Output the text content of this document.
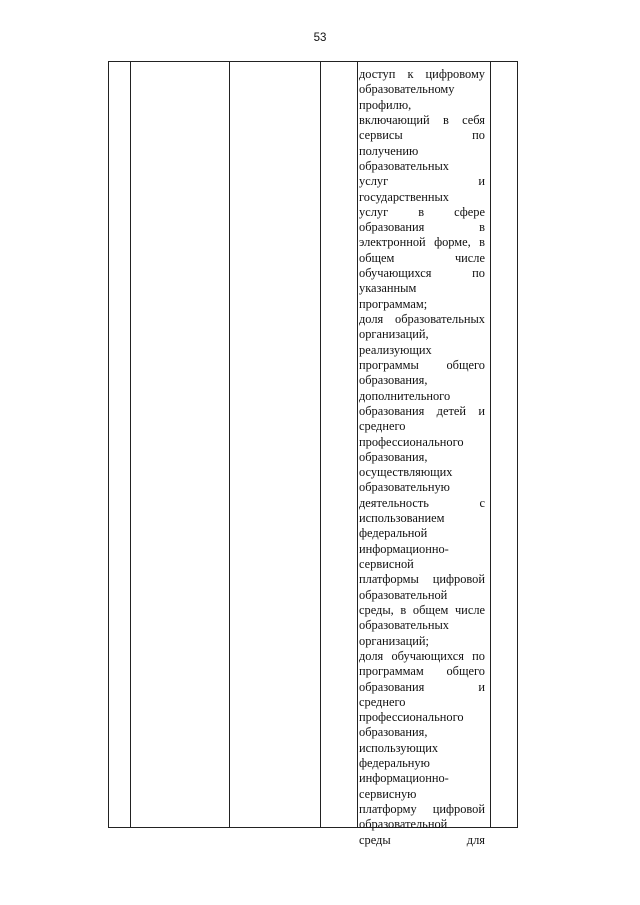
53
доступ к цифровому
образовательному
профилю,
включающий в себя
сервисы по
получению
образовательных
услуг и
государственных
услуг в сфере
образования в
электронной форме, в
общем числе
обучающихся по
указанным
программам;
доля образовательных
организаций,
реализующих
программы общего
образования,
дополнительного
образования детей и
среднего
профессионального
образования,
осуществляющих
образовательную
деятельность с
использованием
федеральной
информационно-
сервисной
платформы цифровой
образовательной
среды, в общем числе
образовательных
организаций;
доля обучающихся по
программам общего
образования и
среднего
профессионального
образования,
использующих
федеральную
информационно-
сервисную
платформу цифровой
образовательной
среды для
